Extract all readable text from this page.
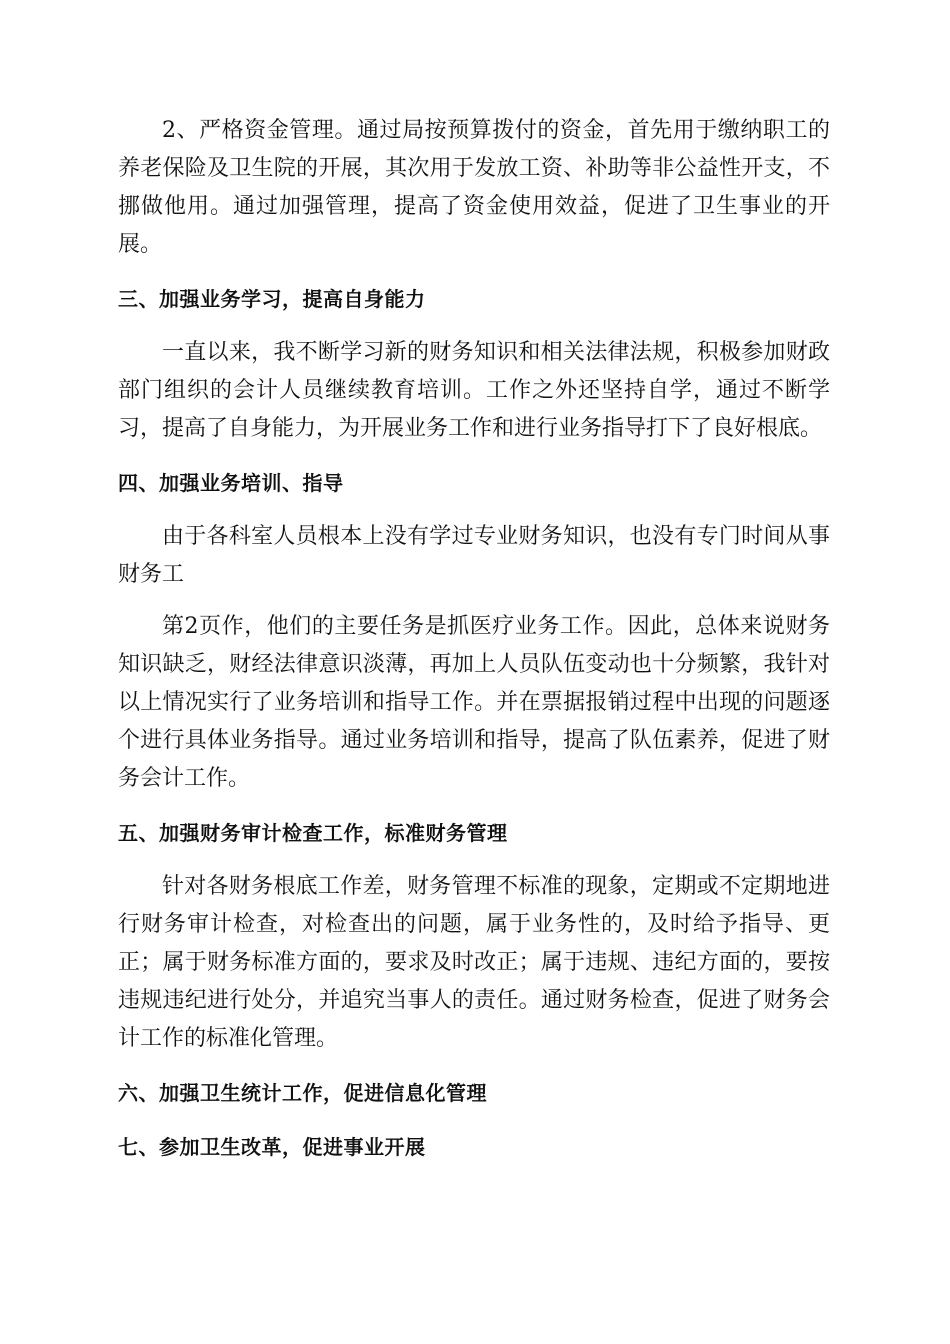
2、严格资金管理。通过局按预算拨付的资金，首先用于缴纳职工的养老保险及卫生院的开展，其次用于发放工资、补助等非公益性开支，不挪做他用。通过加强管理，提高了资金使用效益，促进了卫生事业的开展。

三、加强业务学习，提高自身能力

一直以来，我不断学习新的财务知识和相关法律法规，积极参加财政部门组织的会计人员继续教育培训。工作之外还坚持自学，通过不断学习，提高了自身能力，为开展业务工作和进行业务指导打下了良好根底。

四、加强业务培训、指导

由于各科室人员根本上没有学过专业财务知识，也没有专门时间从事财务工

第2页作，他们的主要任务是抓医疗业务工作。因此，总体来说财务知识缺乏，财经法律意识淡薄，再加上人员队伍变动也十分频繁，我针对以上情况实行了业务培训和指导工作。并在票据报销过程中出现的问题逐个进行具体业务指导。通过业务培训和指导，提高了队伍素养，促进了财务会计工作。

五、加强财务审计检查工作，标准财务管理

针对各财务根底工作差，财务管理不标准的现象，定期或不定期地进行财务审计检查，对检查出的问题，属于业务性的，及时给予指导、更正；属于财务标准方面的，要求及时改正；属于违规、违纪方面的，要按违规违纪进行处分，并追究当事人的责任。通过财务检查，促进了财务会计工作的标准化管理。

六、加强卫生统计工作，促进信息化管理

七、参加卫生改革，促进事业开展
